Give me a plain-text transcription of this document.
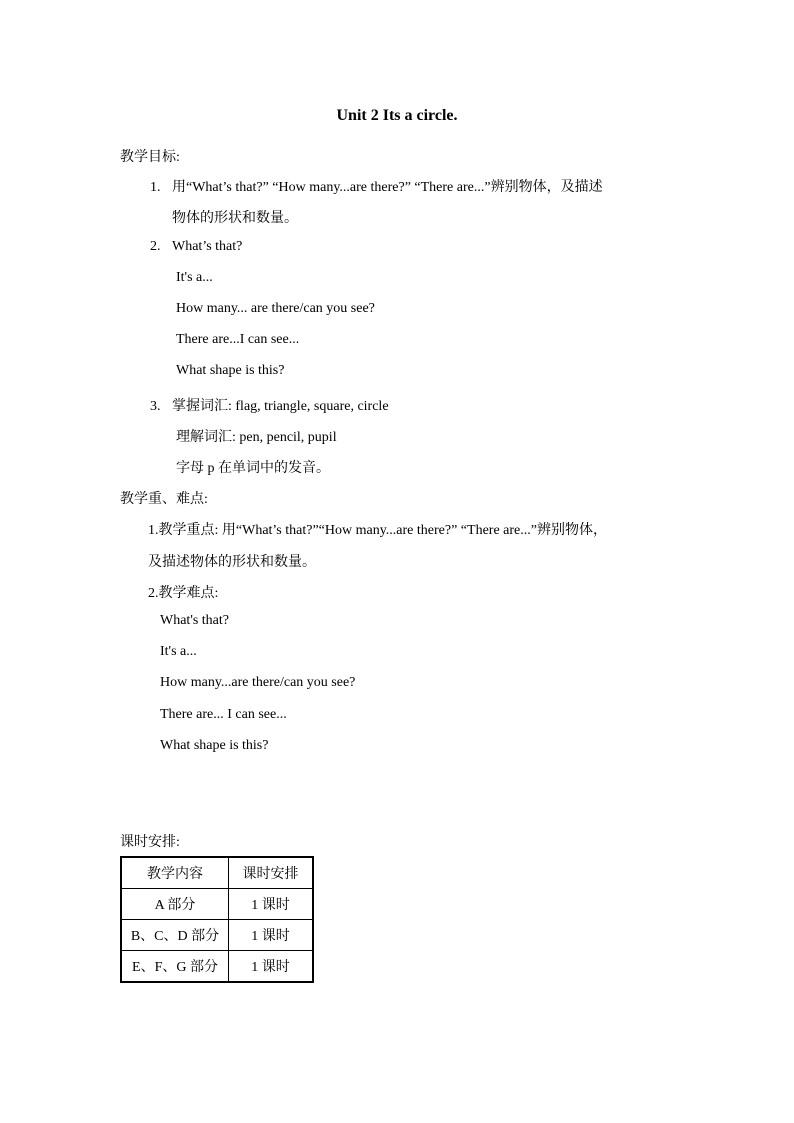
Unit 2 Its a circle.
教学目标:
1. 用“What’s that?” “How many...are there?” “There are...”辨别物体，及描述
物体的形状和数量。
2. What’s that?
It's a...
How many... are there/can you see?
There are...I can see...
What shape is this?
3. 掌握词汇: flag, triangle, square, circle
理解词汇: pen, pencil, pupil
字母 p 在单词中的发音。
教学重、难点:
1.教学重点: 用“What’s that?”“How many...are there?” “There are...”辨别物体，
及描述物体的形状和数量。
2.教学难点:
What's that?
It's a...
How many...are there/can you see?
There are... I can see...
What shape is this?
课时安排:
教学内容	课时安排
A 部分	1 课时
B、C、D 部分	1 课时
E、F、G 部分	1 课时
